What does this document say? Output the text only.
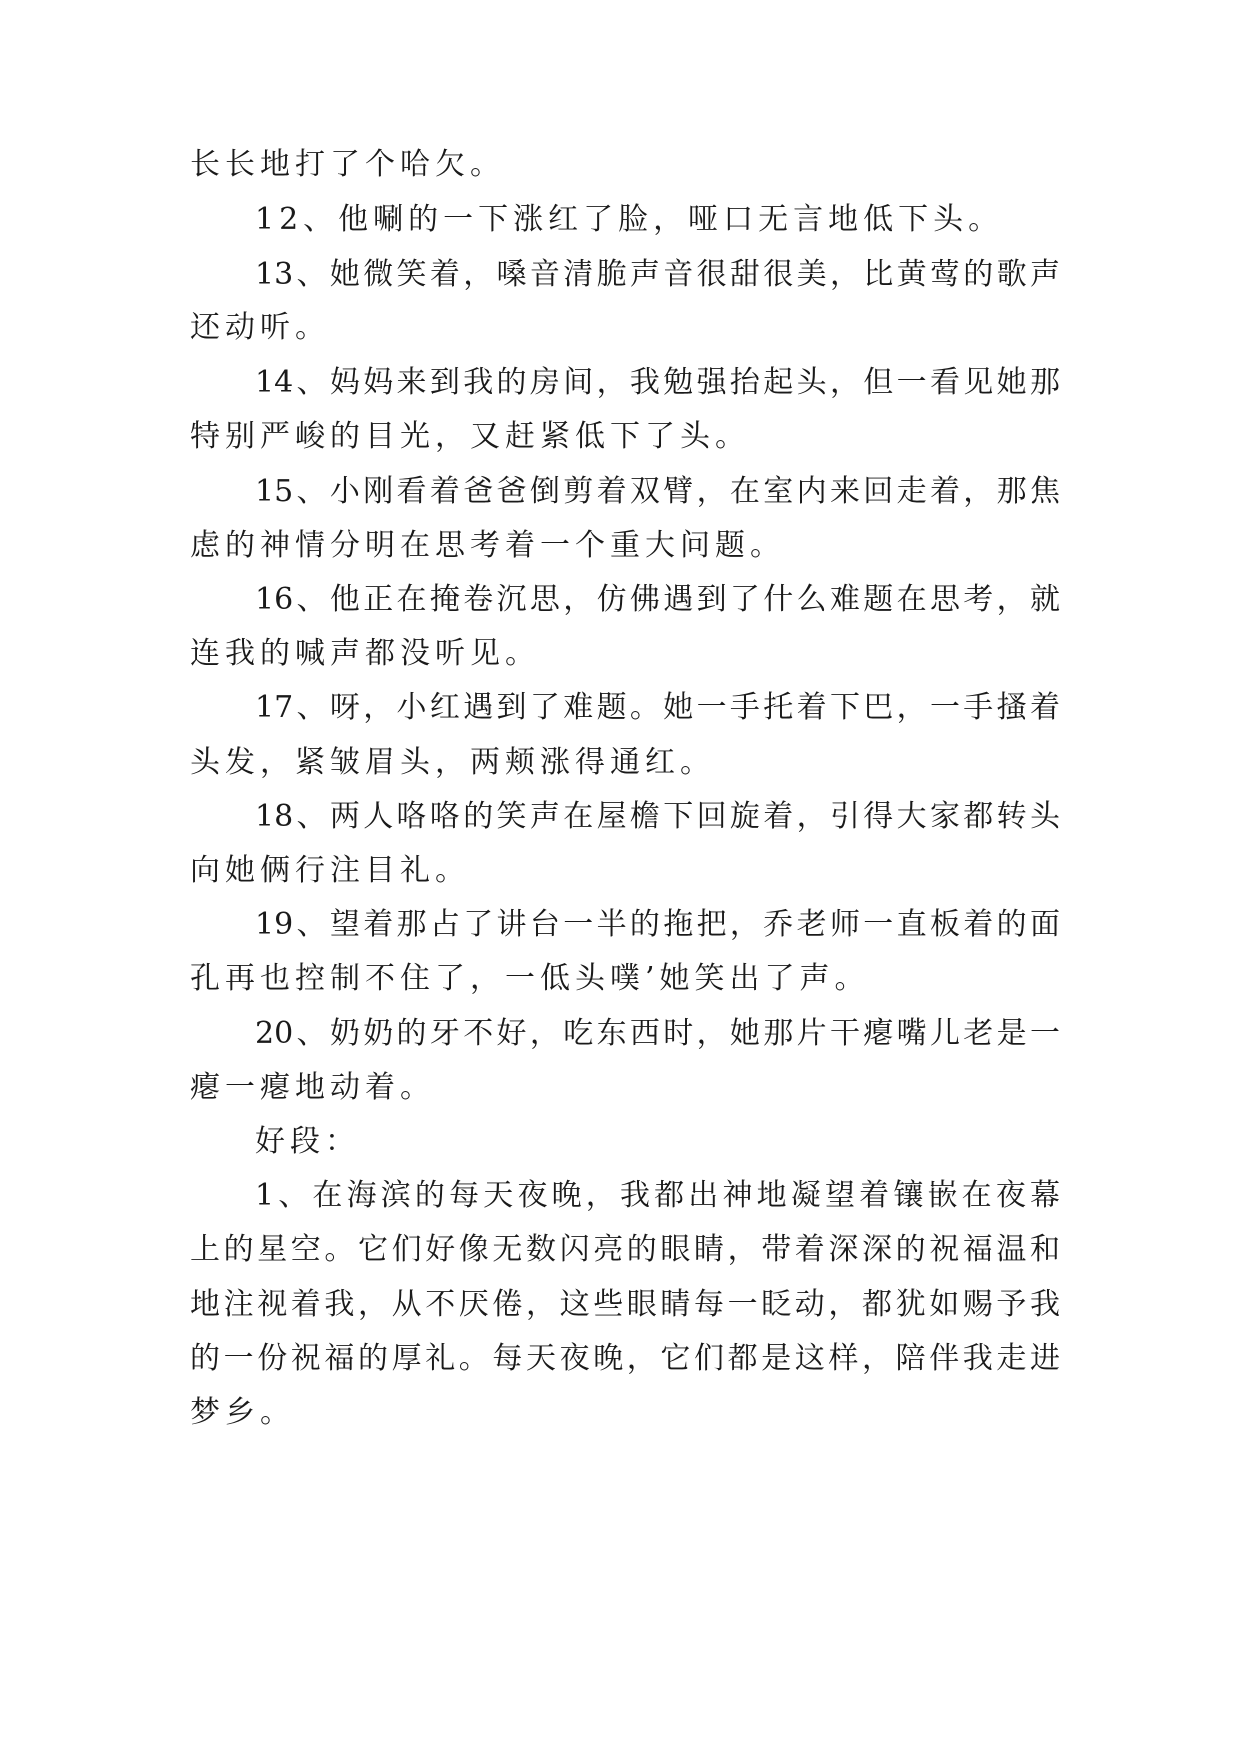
长长地打了个哈欠。
12、他唰的一下涨红了脸，哑口无言地低下头。
13、她微笑着，嗓音清脆声音很甜很美，比黄莺的歌声
还动听。
14、妈妈来到我的房间，我勉强抬起头，但一看见她那
特别严峻的目光，又赶紧低下了头。
15、小刚看着爸爸倒剪着双臂，在室内来回走着，那焦
虑的神情分明在思考着一个重大问题。
16、他正在掩卷沉思，仿佛遇到了什么难题在思考，就
连我的喊声都没听见。
17、呀，小红遇到了难题。她一手托着下巴，一手搔着
头发，紧皱眉头，两颊涨得通红。
18、两人咯咯的笑声在屋檐下回旋着，引得大家都转头
向她俩行注目礼。
19、望着那占了讲台一半的拖把，乔老师一直板着的面
孔再也控制不住了，一低头噗’她笑出了声。
20、奶奶的牙不好，吃东西时，她那片干瘪嘴儿老是一
瘪一瘪地动着。
好段：
1、在海滨的每天夜晚，我都出神地凝望着镶嵌在夜幕
上的星空。它们好像无数闪亮的眼睛，带着深深的祝福温和
地注视着我，从不厌倦，这些眼睛每一眨动，都犹如赐予我
的一份祝福的厚礼。每天夜晚，它们都是这样，陪伴我走进
梦乡。
